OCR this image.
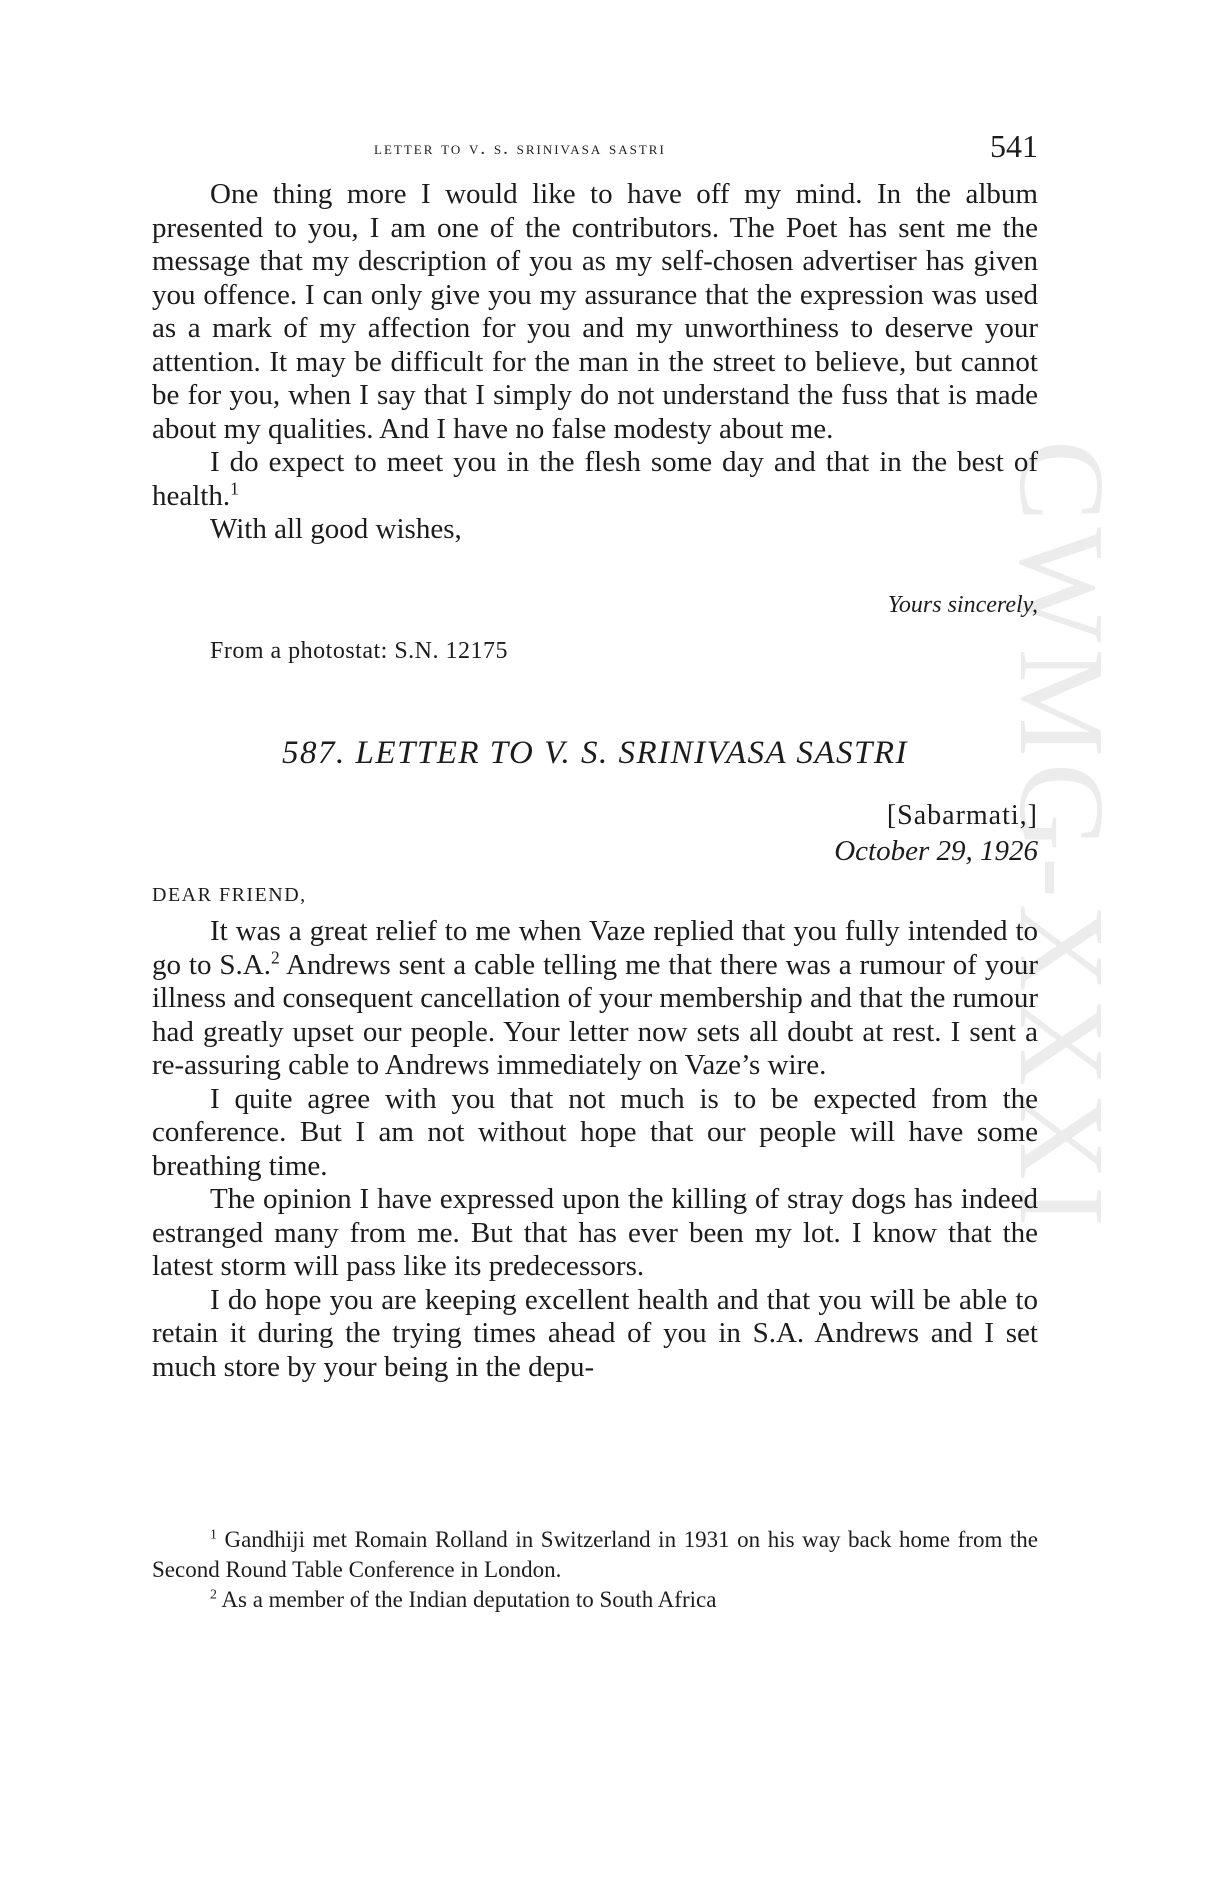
CWMG-XXXI
letter to v. s. srinivasa sastri	541

One thing more I would like to have off my mind. In the album presented to you, I am one of the contributors. The Poet has sent me the message that my description of you as my self-chosen advertiser has given you offence. I can only give you my assurance that the expression was used as a mark of my affection for you and my unworthiness to deserve your attention. It may be difficult for the man in the street to believe, but cannot be for you, when I say that I simply do not understand the fuss that is made about my qualities. And I have no false modesty about me.

I do expect to meet you in the flesh some day and that in the best of health.$^1$

With all good wishes,

Yours sincerely,
From a photostat: S.N. 12175
587. LETTER TO V. S. SRINIVASA SASTRI
[Sabarmati,]
October 29, 1926
DEAR FRIEND,

It was a great relief to me when Vaze replied that you fully intended to go to S.A.$^2$ Andrews sent a cable telling me that there was a rumour of your illness and consequent cancellation of your membership and that the rumour had greatly upset our people. Your letter now sets all doubt at rest. I sent a re-assuring cable to Andrews immediately on Vaze’s wire.

I quite agree with you that not much is to be expected from the conference. But I am not without hope that our people will have some breathing time.

The opinion I have expressed upon the killing of stray dogs has indeed estranged many from me. But that has ever been my lot. I know that the latest storm will pass like its predecessors.

I do hope you are keeping excellent health and that you will be able to retain it during the trying times ahead of you in S.A. Andrews and I set much store by your being in the depu-

$^1$ Gandhiji met Romain Rolland in Switzerland in 1931 on his way back home from the Second Round Table Conference in London.

$^2$ As a member of the Indian deputation to South Africa
